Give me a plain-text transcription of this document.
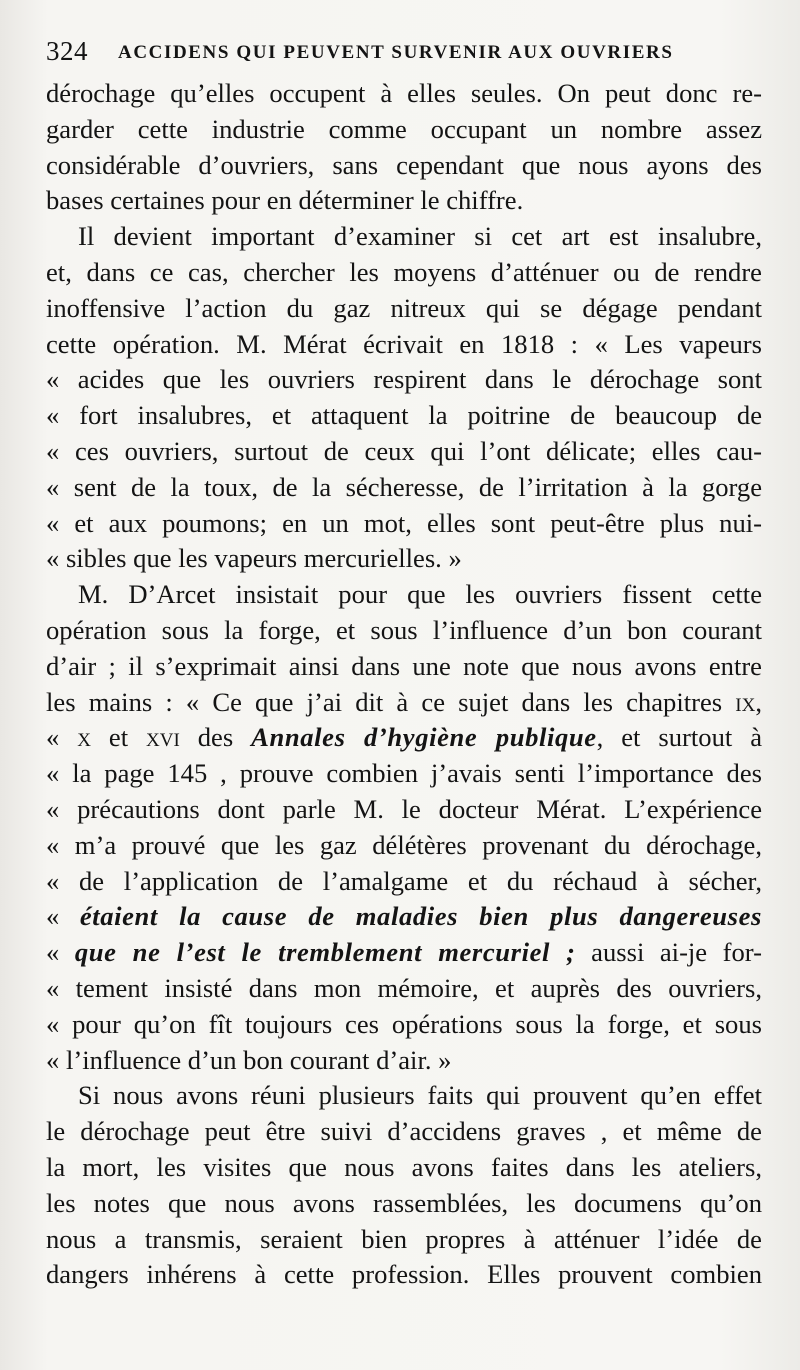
324 ACCIDENS QUI PEUVENT SURVENIR AUX OUVRIERS
dérochage qu’elles occupent à elles seules. On peut donc re-
garder cette industrie comme occupant un nombre assez
considérable d’ouvriers, sans cependant que nous ayons des
bases certaines pour en déterminer le chiffre.
Il devient important d’examiner si cet art est insalubre,
et, dans ce cas, chercher les moyens d’atténuer ou de rendre
inoffensive l’action du gaz nitreux qui se dégage pendant
cette opération. M. Mérat écrivait en 1818 : « Les vapeurs
« acides que les ouvriers respirent dans le dérochage sont
« fort insalubres, et attaquent la poitrine de beaucoup de
« ces ouvriers, surtout de ceux qui l’ont délicate; elles cau-
« sent de la toux, de la sécheresse, de l’irritation à la gorge
« et aux poumons; en un mot, elles sont peut-être plus nui-
« sibles que les vapeurs mercurielles. »
M. D’Arcet insistait pour que les ouvriers fissent cette
opération sous la forge, et sous l’influence d’un bon courant
d’air ; il s’exprimait ainsi dans une note que nous avons entre
les mains : « Ce que j’ai dit à ce sujet dans les chapitres ix,
« x et xvi des Annales d’hygiène publique, et surtout à
« la page 145 , prouve combien j’avais senti l’importance des
« précautions dont parle M. le docteur Mérat. L’expérience
« m’a prouvé que les gaz délétères provenant du dérochage,
« de l’application de l’amalgame et du réchaud à sécher,
« étaient la cause de maladies bien plus dangereuses
« que ne l’est le tremblement mercuriel ; aussi ai-je for-
« tement insisté dans mon mémoire, et auprès des ouvriers,
« pour qu’on fît toujours ces opérations sous la forge, et sous
« l’influence d’un bon courant d’air. »
Si nous avons réuni plusieurs faits qui prouvent qu’en effet
le dérochage peut être suivi d’accidens graves , et même de
la mort, les visites que nous avons faites dans les ateliers,
les notes que nous avons rassemblées, les documens qu’on
nous a transmis, seraient bien propres à atténuer l’idée de
dangers inhérens à cette profession. Elles prouvent combien
